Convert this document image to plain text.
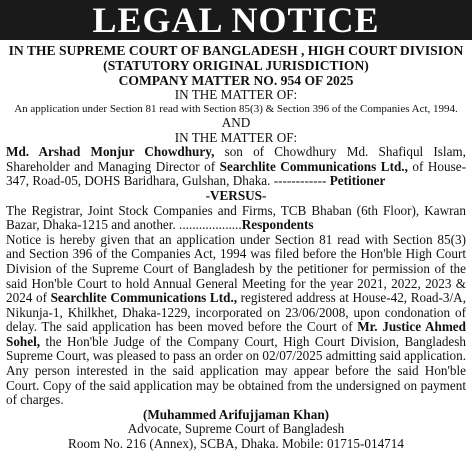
LEGAL NOTICE
IN THE SUPREME COURT OF BANGLADESH , HIGH COURT DIVISION
(STATUTORY ORIGINAL JURISDICTION)
COMPANY MATTER NO. 954 OF 2025
IN THE MATTER OF:
An application under Section 81 read with Section 85(3) & Section 396 of the Companies Act, 1994.
AND
IN THE MATTER OF:
Md. Arshad Monjur Chowdhury, son of Chowdhury Md. Shafiqul Islam, Shareholder and Managing Director of Searchlite Communications Ltd., of House-347, Road-05, DOHS Baridhara, Gulshan, Dhaka. ------------ Petitioner
-VERSUS-
The Registrar, Joint Stock Companies and Firms, TCB Bhaban (6th Floor), Kawran Bazar, Dhaka-1215 and another. ...................Respondents
Notice is hereby given that an application under Section 81 read with Section 85(3) and Section 396 of the Companies Act, 1994 was filed before the Hon'ble High Court Division of the Supreme Court of Bangladesh by the petitioner for permission of the said Hon'ble Court to hold Annual General Meeting for the year 2021, 2022, 2023 & 2024 of Searchlite Communications Ltd., registered address at House-42, Road-3/A, Nikunja-1, Khilkhet, Dhaka-1229, incorporated on 23/06/2008, upon condonation of delay. The said application has been moved before the Court of Mr. Justice Ahmed Sohel, the Hon'ble Judge of the Company Court, High Court Division, Bangladesh Supreme Court, was pleased to pass an order on 02/07/2025 admitting said application. Any person interested in the said application may appear before the said Hon'ble Court. Copy of the said application may be obtained from the undersigned on payment of charges.
(Muhammed Arifujjaman Khan)
Advocate, Supreme Court of Bangladesh
Room No. 216 (Annex), SCBA, Dhaka. Mobile: 01715-014714
